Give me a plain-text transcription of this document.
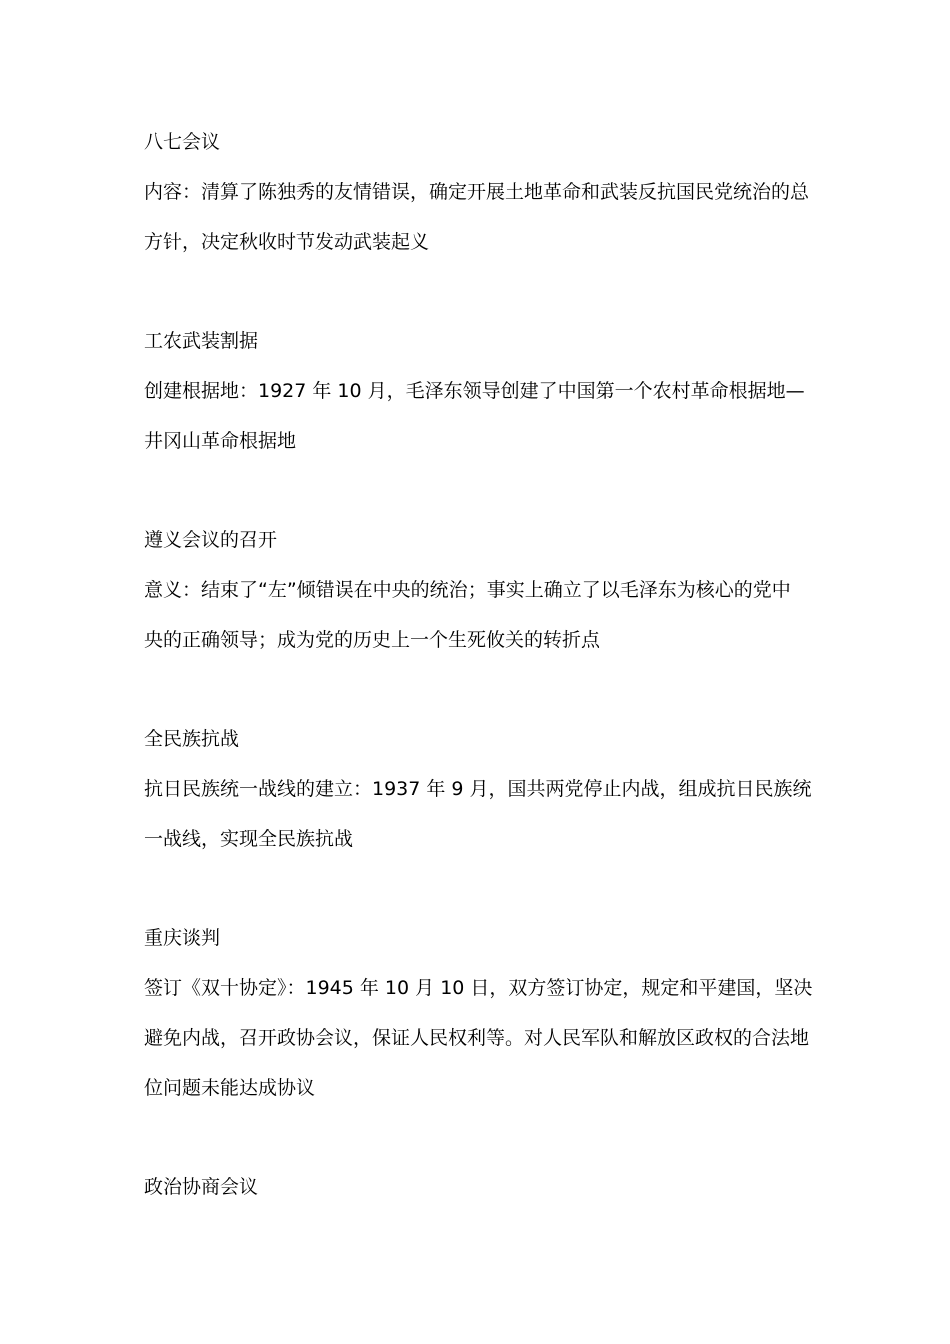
八七会议
内容：清算了陈独秀的友情错误，确定开展土地革命和武装反抗国民党统治的总
方针，决定秋收时节发动武装起义
工农武装割据
创建根据地：1927 年 10 月，毛泽东领导创建了中国第一个农村革命根据地—
井冈山革命根据地
遵义会议的召开
意义：结束了“左”倾错误在中央的统治；事实上确立了以毛泽东为核心的党中
央的正确领导；成为党的历史上一个生死攸关的转折点
全民族抗战
抗日民族统一战线的建立：1937 年 9 月，国共两党停止内战，组成抗日民族统
一战线，实现全民族抗战
重庆谈判
签订《双十协定》：1945 年 10 月 10 日，双方签订协定，规定和平建国，坚决
避免内战，召开政协会议，保证人民权利等。对人民军队和解放区政权的合法地
位问题未能达成协议
政治协商会议
